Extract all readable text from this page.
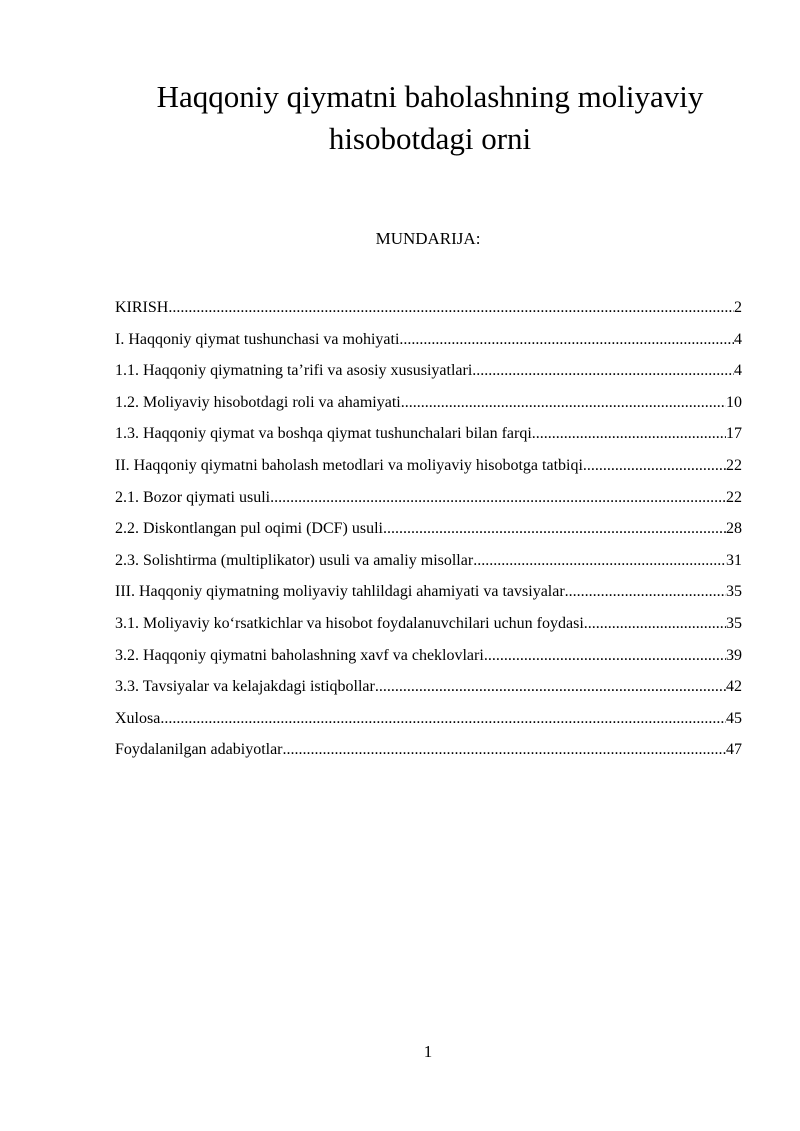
Haqqoniy qiymatni baholashning moliyaviy hisobotdagi orni
MUNDARIJA:
KIRISH .....	2
I. Haqqoniy qiymat tushunchasi va mohiyati .....	4
1.1. Haqqoniy qiymatning ta’rifi va asosiy xususiyatlari .....	4
1.2. Moliyaviy hisobotdagi roli va ahamiyati .....	10
1.3. Haqqoniy qiymat va boshqa qiymat tushunchalari bilan farqi .....	17
II. Haqqoniy qiymatni baholash metodlari va moliyaviy hisobotga tatbiqi .....	22
2.1. Bozor qiymati usuli .....	22
2.2. Diskontlangan pul oqimi (DCF) usuli .....	28
2.3. Solishtirma (multiplikator) usuli va amaliy misollar .....	31
III. Haqqoniy qiymatning moliyaviy tahlildagi ahamiyati va tavsiyalar .....	35
3.1. Moliyaviy ko‘rsatkichlar va hisobot foydalanuvchilari uchun foydasi .....	35
3.2. Haqqoniy qiymatni baholashning xavf va cheklovlari .....	39
3.3. Tavsiyalar va kelajakdagi istiqbollar .....	42
Xulosa .....	45
Foydalanilgan adabiyotlar .....	47
1
